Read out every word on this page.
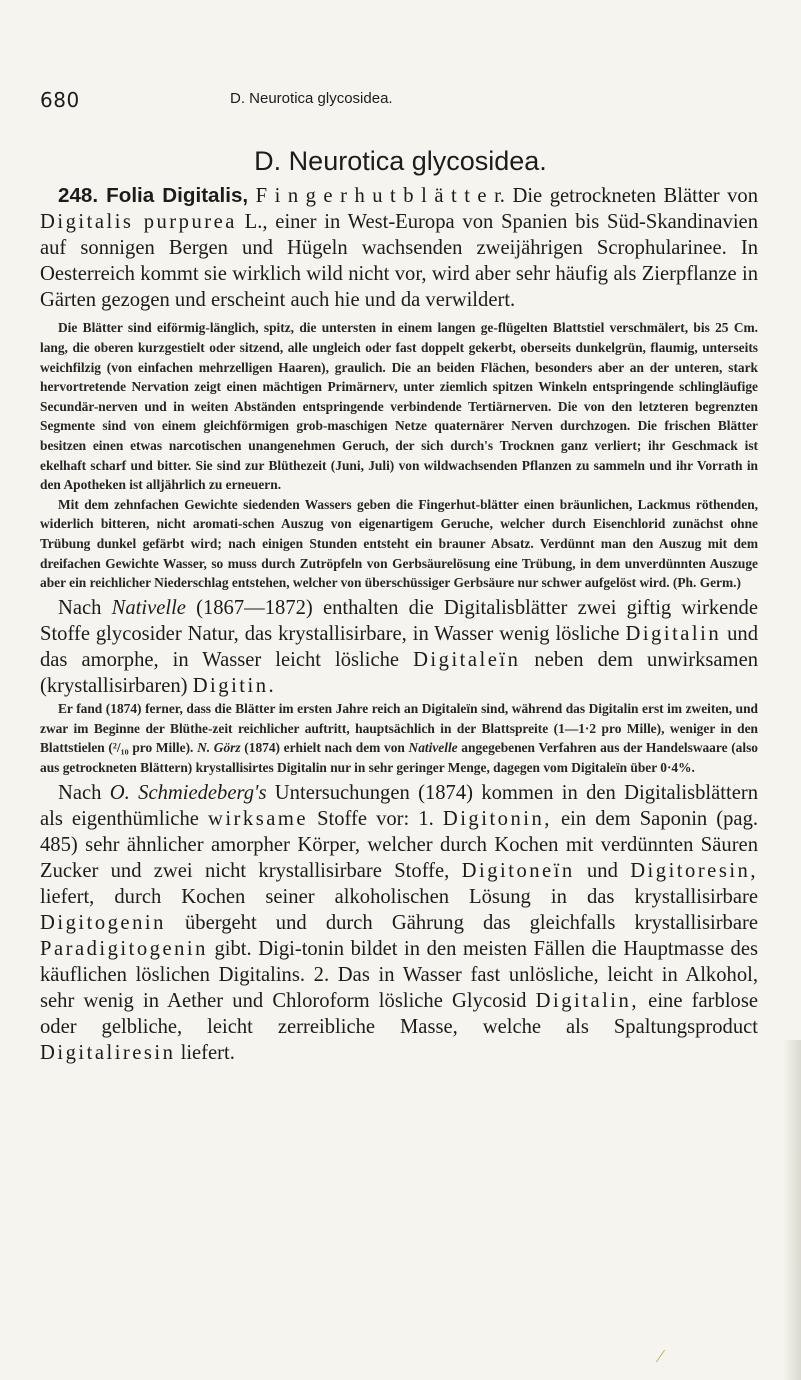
680	D. Neurotica glycosidea.
D. Neurotica glycosidea.

248. Folia Digitalis, F i n g e r h u t b l ä t t e r. Die getrockneten Blätter von Digitalis purpurea L., einer in West-Europa von Spanien bis Süd-Skandinavien auf sonnigen Bergen und Hügeln wachsenden zweijährigen Scrophularinee. In Oesterreich kommt sie wirklich wild nicht vor, wird aber sehr häufig als Zierpflanze in Gärten gezogen und erscheint auch hie und da verwildert.

Die Blätter sind eiförmig-länglich, spitz, die untersten in einem langen ge-flügelten Blattstiel verschmälert, bis 25 Cm. lang, die oberen kurzgestielt oder sitzend, alle ungleich oder fast doppelt gekerbt, oberseits dunkelgrün, flaumig, unterseits weichfilzig (von einfachen mehrzelligen Haaren), graulich. Die an beiden Flächen, besonders aber an der unteren, stark hervortretende Nervation zeigt einen mächtigen Primärnerv, unter ziemlich spitzen Winkeln entspringende schlingläufige Secundär-nerven und in weiten Abständen entspringende verbindende Tertiärnerven. Die von den letzteren begrenzten Segmente sind von einem gleichförmigen grob-maschigen Netze quaternärer Nerven durchzogen. Die frischen Blätter besitzen einen etwas narcotischen unangenehmen Geruch, der sich durch's Trocknen ganz verliert; ihr Geschmack ist ekelhaft scharf und bitter. Sie sind zur Blüthezeit (Juni, Juli) von wildwachsenden Pflanzen zu sammeln und ihr Vorrath in den Apotheken ist alljährlich zu erneuern.

Mit dem zehnfachen Gewichte siedenden Wassers geben die Fingerhut-blätter einen bräunlichen, Lackmus röthenden, widerlich bitteren, nicht aromati-schen Auszug von eigenartigem Geruche, welcher durch Eisenchlorid zunächst ohne Trübung dunkel gefärbt wird; nach einigen Stunden entsteht ein brauner Absatz. Verdünnt man den Auszug mit dem dreifachen Gewichte Wasser, so muss durch Zutröpfeln von Gerbsäurelösung eine Trübung, in dem unverdünnten Auszuge aber ein reichlicher Niederschlag entstehen, welcher von überschüssiger Gerbsäure nur schwer aufgelöst wird. (Ph. Germ.)

Nach Nativelle (1867—1872) enthalten die Digitalisblätter zwei giftig wirkende Stoffe glycosider Natur, das krystallisirbare, in Wasser wenig lösliche Digitalin und das amorphe, in Wasser leicht lösliche Digitaleïn neben dem unwirksamen (krystallisirbaren) Digitin.

Er fand (1874) ferner, dass die Blätter im ersten Jahre reich an Digitaleïn sind, während das Digitalin erst im zweiten, und zwar im Beginne der Blüthe-zeit reichlicher auftritt, hauptsächlich in der Blattspreite (1—1·2 pro Mille), weniger in den Blattstielen (²/₁₀ pro Mille). N. Görz (1874) erhielt nach dem von Nativelle angegebenen Verfahren aus der Handelswaare (also aus getrockneten Blättern) krystallisirtes Digitalin nur in sehr geringer Menge, dagegen vom Digitaleïn über 0·4%.

Nach O. Schmiedeberg's Untersuchungen (1874) kommen in den Digitalisblättern als eigenthümliche wirksame Stoffe vor: 1. Digitonin, ein dem Saponin (pag. 485) sehr ähnlicher amorpher Körper, welcher durch Kochen mit verdünnten Säuren Zucker und zwei nicht krystallisirbare Stoffe, Digitoneïn und Digitoresin, liefert, durch Kochen seiner alkoholischen Lösung in das krystallisirbare Digitogenin übergeht und durch Gährung das gleichfalls krystallisirbare Paradigitogenin gibt. Digi-tonin bildet in den meisten Fällen die Hauptmasse des käuflichen löslichen Digitalins. 2. Das in Wasser fast unlösliche, leicht in Alkohol, sehr wenig in Aether und Chloroform lösliche Glycosid Digitalin, eine farblose oder gelbliche, leicht zerreibliche Masse, welche als Spaltungsproduct Digitaliresin liefert.
